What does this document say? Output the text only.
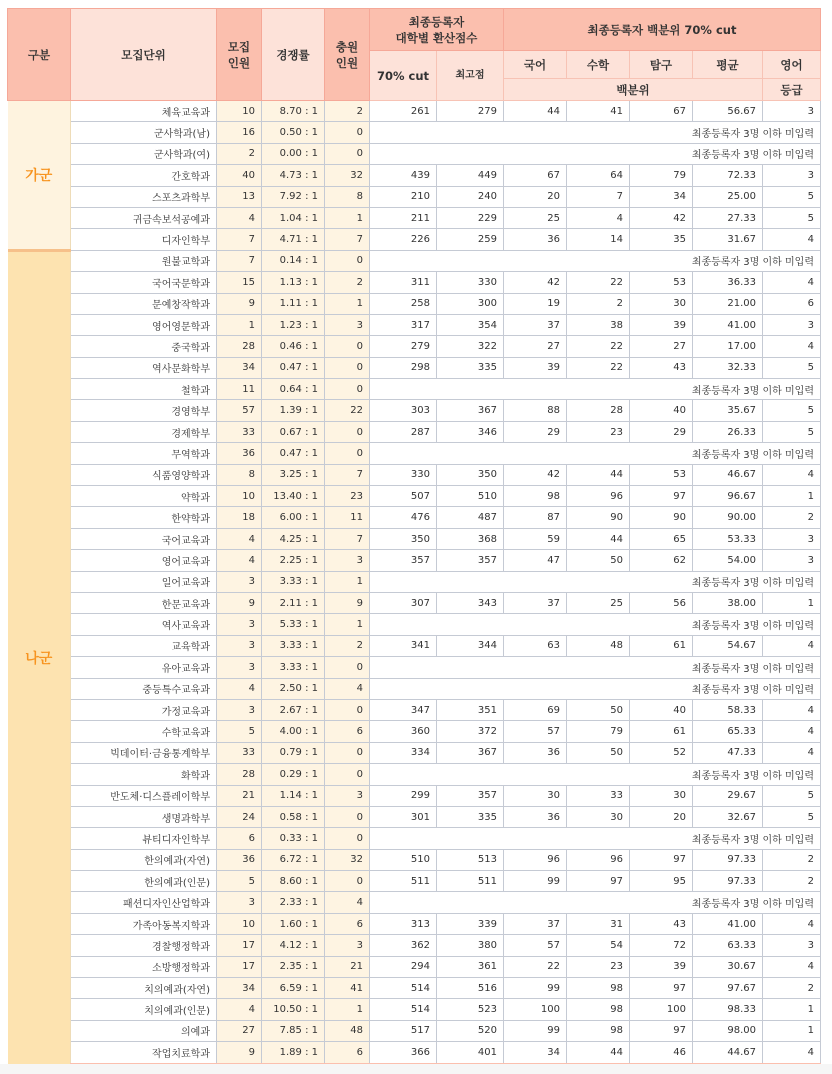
구분	모집단위	모집
인원	경쟁률	충원
인원	최종등록자
대학별 환산점수		최종등록자 백분위 70% cut				
					70% cut	최고점	국어	수학	탐구	평균	영어
							백분위				등급
가군	체육교육과	10	8.70 : 1	2	261	279	44	41	67	56.67	3
	군사학과(남)	16	0.50 : 1	0	최종등록자 3명 이하 미입력						
	군사학과(여)	2	0.00 : 1	0	최종등록자 3명 이하 미입력						
	간호학과	40	4.73 : 1	32	439	449	67	64	79	72.33	3
	스포츠과학부	13	7.92 : 1	8	210	240	20	7	34	25.00	5
	귀금속보석공예과	4	1.04 : 1	1	211	229	25	4	42	27.33	5
	디자인학부	7	4.71 : 1	7	226	259	36	14	35	31.67	4
나군	원불교학과	7	0.14 : 1	0	최종등록자 3명 이하 미입력						
	국어국문학과	15	1.13 : 1	2	311	330	42	22	53	36.33	4
	문예창작학과	9	1.11 : 1	1	258	300	19	2	30	21.00	6
	영어영문학과	1	1.23 : 1	3	317	354	37	38	39	41.00	3
	중국학과	28	0.46 : 1	0	279	322	27	22	27	17.00	4
	역사문화학부	34	0.47 : 1	0	298	335	39	22	43	32.33	5
	철학과	11	0.64 : 1	0	최종등록자 3명 이하 미입력						
	경영학부	57	1.39 : 1	22	303	367	88	28	40	35.67	5
	경제학부	33	0.67 : 1	0	287	346	29	23	29	26.33	5
	무역학과	36	0.47 : 1	0	최종등록자 3명 이하 미입력						
	식품영양학과	8	3.25 : 1	7	330	350	42	44	53	46.67	4
	약학과	10	13.40 : 1	23	507	510	98	96	97	96.67	1
	한약학과	18	6.00 : 1	11	476	487	87	90	90	90.00	2
	국어교육과	4	4.25 : 1	7	350	368	59	44	65	53.33	3
	영어교육과	4	2.25 : 1	3	357	357	47	50	62	54.00	3
	일어교육과	3	3.33 : 1	1	최종등록자 3명 이하 미입력						
	한문교육과	9	2.11 : 1	9	307	343	37	25	56	38.00	1
	역사교육과	3	5.33 : 1	1	최종등록자 3명 이하 미입력						
	교육학과	3	3.33 : 1	2	341	344	63	48	61	54.67	4
	유아교육과	3	3.33 : 1	0	최종등록자 3명 이하 미입력						
	중등특수교육과	4	2.50 : 1	4	최종등록자 3명 이하 미입력						
	가정교육과	3	2.67 : 1	0	347	351	69	50	40	58.33	4
	수학교육과	5	4.00 : 1	6	360	372	57	79	61	65.33	4
	빅데이터·금융통계학부	33	0.79 : 1	0	334	367	36	50	52	47.33	4
	화학과	28	0.29 : 1	0	최종등록자 3명 이하 미입력						
	반도체·디스플레이학부	21	1.14 : 1	3	299	357	30	33	30	29.67	5
	생명과학부	24	0.58 : 1	0	301	335	36	30	20	32.67	5
	뷰티디자인학부	6	0.33 : 1	0	최종등록자 3명 이하 미입력						
	한의예과(자연)	36	6.72 : 1	32	510	513	96	96	97	97.33	2
	한의예과(인문)	5	8.60 : 1	0	511	511	99	97	95	97.33	2
	패션디자인산업학과	3	2.33 : 1	4	최종등록자 3명 이하 미입력						
	가족아동복지학과	10	1.60 : 1	6	313	339	37	31	43	41.00	4
	경찰행정학과	17	4.12 : 1	3	362	380	57	54	72	63.33	3
	소방행정학과	17	2.35 : 1	21	294	361	22	23	39	30.67	4
	치의예과(자연)	34	6.59 : 1	41	514	516	99	98	97	97.67	2
	치의예과(인문)	4	10.50 : 1	1	514	523	100	98	100	98.33	1
	의예과	27	7.85 : 1	48	517	520	99	98	97	98.00	1
	작업치료학과	9	1.89 : 1	6	366	401	34	44	46	44.67	4
